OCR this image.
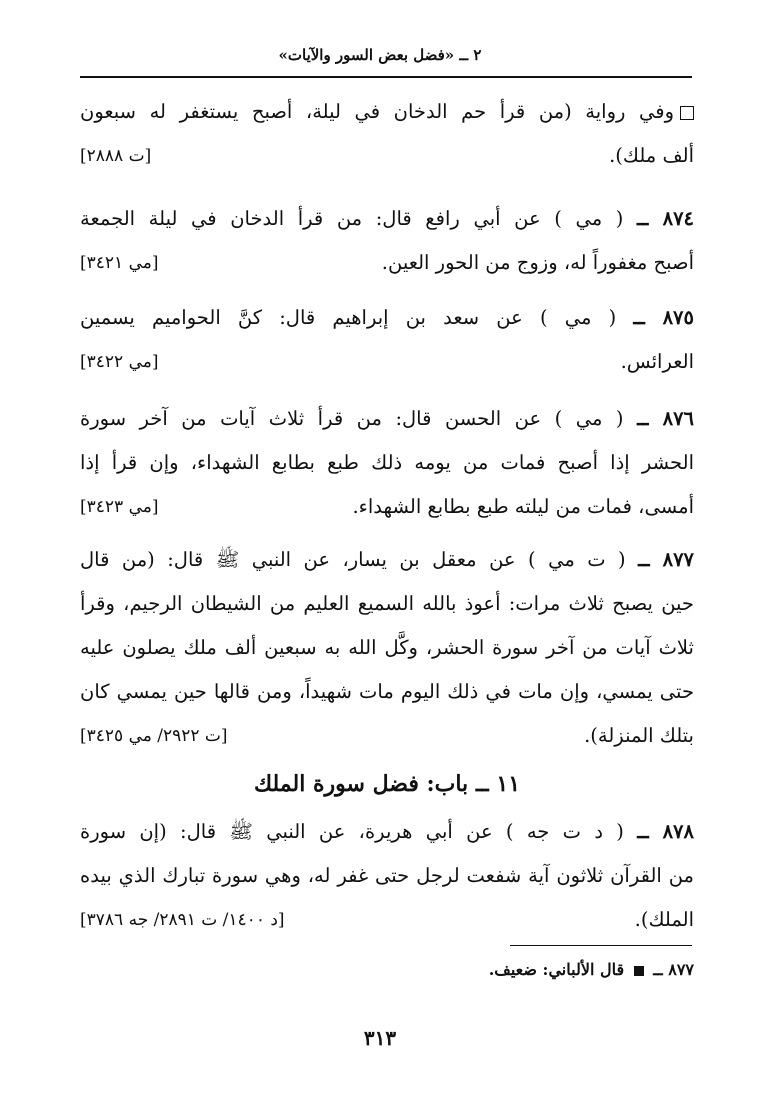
٢ ــ «فضل بعض السور والآيات»
وفي رواية (من قرأ حم الدخان في ليلة، أصبح يستغفر له سبعون
ألف ملك).
[ت ٢٨٨٨]
٨٧٤ ــ ( مي ) عن أبي رافع قال: من قرأ الدخان في ليلة الجمعة
أصبح مغفوراً له، وزوج من الحور العين.
[مي ٣٤٢١]
٨٧٥ ــ ( مي ) عن سعد بن إبراهيم قال: كنَّ الحواميم يسمين
العرائس.
[مي ٣٤٢٢]
٨٧٦ ــ ( مي ) عن الحسن قال: من قرأ ثلاث آيات من آخر سورة
الحشر إذا أصبح فمات من يومه ذلك طبع بطابع الشهداء، وإن قرأ إذا
أمسى، فمات من ليلته طبع بطابع الشهداء.
[مي ٣٤٢٣]
٨٧٧ ــ ( ت مي ) عن معقل بن يسار، عن النبي ﷺ قال: (من قال
حين يصبح ثلاث مرات: أعوذ بالله السميع العليم من الشيطان الرجيم، وقرأ
ثلاث آيات من آخر سورة الحشر، وكَّل الله به سبعين ألف ملك يصلون عليه
حتى يمسي، وإن مات في ذلك اليوم مات شهيداً، ومن قالها حين يمسي كان
بتلك المنزلة).
[ت ٢٩٢٢/ مي ٣٤٢٥]
١١ ــ باب: فضل سورة الملك
٨٧٨ ــ ( د ت جه ) عن أبي هريرة، عن النبي ﷺ قال: (إن سورة
من القرآن ثلاثون آية شفعت لرجل حتى غفر له، وهي سورة تبارك الذي بيده
الملك).
[د ١٤٠٠/ ت ٢٨٩١/ جه ٣٧٨٦]
٨٧٧ ــ  قال الألباني: ضعيف.
٣١٣
